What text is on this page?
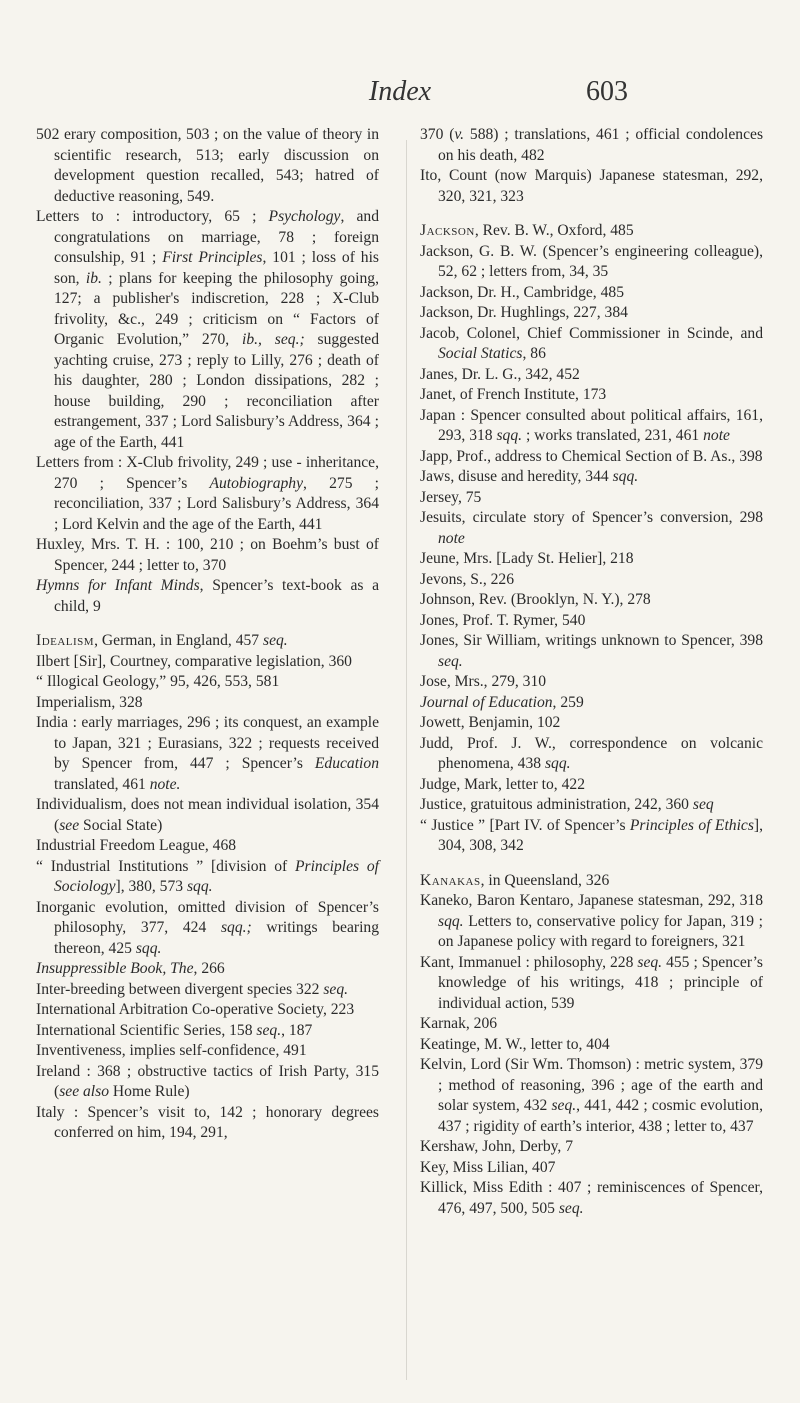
Index	603

502 erary composition, 503 ; on the value of theory in scientific research, 513; early discussion on development question recalled, 543; hatred of deductive reasoning, 549.

Letters to : introductory, 65 ; Psychology, and congratulations on marriage, 78 ; foreign consulship, 91 ; First Principles, 101 ; loss of his son, ib. ; plans for keeping the philosophy going, 127; a publisher's indiscretion, 228 ; X-Club frivolity, &c., 249 ; criticism on “ Factors of Organic Evolution,” 270, ib., seq.; suggested yachting cruise, 273 ; reply to Lilly, 276 ; death of his daughter, 280 ; London dissipations, 282 ; house building, 290 ; reconciliation after estrangement, 337 ; Lord Salisbury’s Address, 364 ; age of the Earth, 441

Letters from : X-Club frivolity, 249 ; use - inheritance, 270 ; Spencer’s Autobiography, 275 ; reconciliation, 337 ; Lord Salisbury’s Address, 364 ; Lord Kelvin and the age of the Earth, 441

Huxley, Mrs. T. H. : 100, 210 ; on Boehm’s bust of Spencer, 244 ; letter to, 370

Hymns for Infant Minds, Spencer’s text-book as a child, 9

Idealism, German, in England, 457 seq.

Ilbert [Sir], Courtney, comparative legislation, 360

“ Illogical Geology,” 95, 426, 553, 581

Imperialism, 328

India : early marriages, 296 ; its conquest, an example to Japan, 321 ; Eurasians, 322 ; requests received by Spencer from, 447 ; Spencer’s Education translated, 461 note.

Individualism, does not mean individual isolation, 354 (see Social State)

Industrial Freedom League, 468

“ Industrial Institutions ” [division of Principles of Sociology], 380, 573 sqq.

Inorganic evolution, omitted division of Spencer’s philosophy, 377, 424 sqq.; writings bearing thereon, 425 sqq.

Insuppressible Book, The, 266

Inter-breeding between divergent species 322 seq.

International Arbitration Co-operative Society, 223

International Scientific Series, 158 seq., 187

Inventiveness, implies self-confidence, 491

Ireland : 368 ; obstructive tactics of Irish Party, 315 (see also Home Rule)

Italy : Spencer’s visit to, 142 ; honorary degrees conferred on him, 194, 291,

370 (v. 588) ; translations, 461 ; official condolences on his death, 482

Ito, Count (now Marquis) Japanese statesman, 292, 320, 321, 323

Jackson, Rev. B. W., Oxford, 485

Jackson, G. B. W. (Spencer’s engineering colleague), 52, 62 ; letters from, 34, 35

Jackson, Dr. H., Cambridge, 485

Jackson, Dr. Hughlings, 227, 384

Jacob, Colonel, Chief Commissioner in Scinde, and Social Statics, 86

Janes, Dr. L. G., 342, 452

Janet, of French Institute, 173

Japan : Spencer consulted about political affairs, 161, 293, 318 sqq. ; works translated, 231, 461 note

Japp, Prof., address to Chemical Section of B. As., 398

Jaws, disuse and heredity, 344 sqq.

Jersey, 75

Jesuits, circulate story of Spencer’s conversion, 298 note

Jeune, Mrs. [Lady St. Helier], 218

Jevons, S., 226

Johnson, Rev. (Brooklyn, N. Y.), 278

Jones, Prof. T. Rymer, 540

Jones, Sir William, writings unknown to Spencer, 398 seq.

Jose, Mrs., 279, 310

Journal of Education, 259

Jowett, Benjamin, 102

Judd, Prof. J. W., correspondence on volcanic phenomena, 438 sqq.

Judge, Mark, letter to, 422

Justice, gratuitous administration, 242, 360 seq

“ Justice ” [Part IV. of Spencer’s Principles of Ethics], 304, 308, 342

Kanakas, in Queensland, 326

Kaneko, Baron Kentaro, Japanese statesman, 292, 318 sqq. Letters to, conservative policy for Japan, 319 ; on Japanese policy with regard to foreigners, 321

Kant, Immanuel : philosophy, 228 seq. 455 ; Spencer’s knowledge of his writings, 418 ; principle of individual action, 539

Karnak, 206

Keatinge, M. W., letter to, 404

Kelvin, Lord (Sir Wm. Thomson) : metric system, 379 ; method of reasoning, 396 ; age of the earth and solar system, 432 seq., 441, 442 ; cosmic evolution, 437 ; rigidity of earth’s interior, 438 ; letter to, 437

Kershaw, John, Derby, 7

Key, Miss Lilian, 407

Killick, Miss Edith : 407 ; reminiscences of Spencer, 476, 497, 500, 505 seq.
